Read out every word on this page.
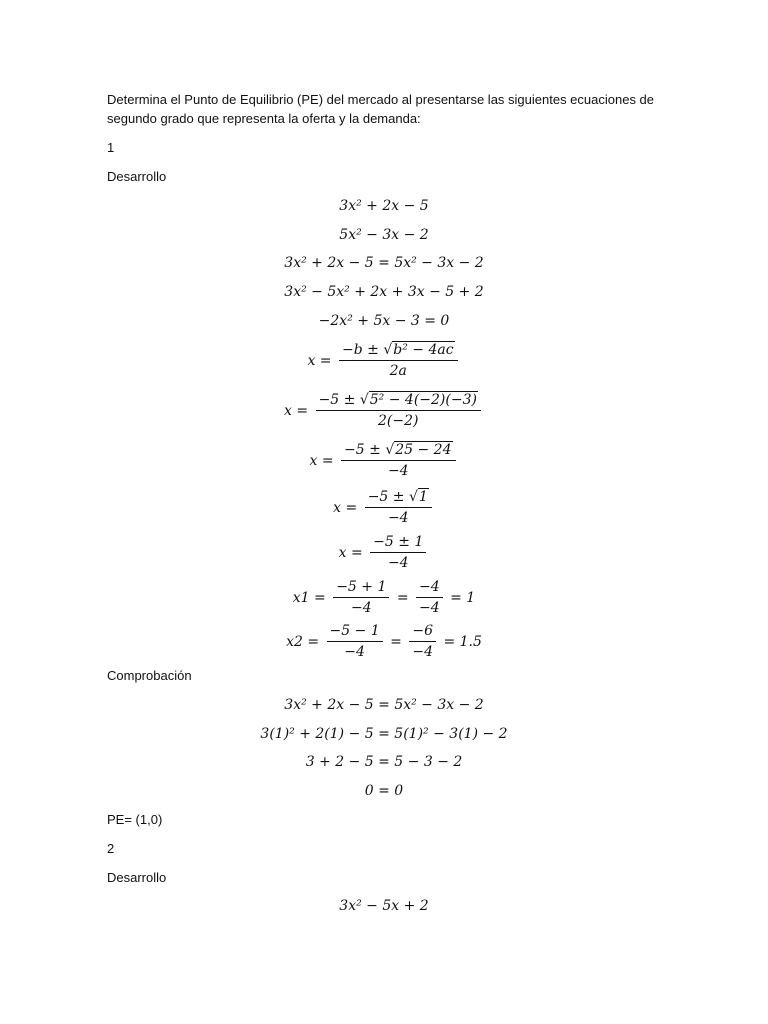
Determina el Punto de Equilibrio (PE) del mercado al presentarse las siguientes ecuaciones de
segundo grado que representa la oferta y la demanda:
1
Desarrollo
3x² + 2x − 5
5x² − 3x − 2
3x² + 2x − 5 = 5x² − 3x − 2
3x² − 5x² + 2x + 3x − 5 + 2
−2x² + 5x − 3 = 0
$x = \frac{\text{−b ± √b² − 4ac}}{2a}$
$x = \frac{\text{−5 ± √5² − 4(−2)(−3)}}{2(-2)}$
$x = \frac{-5 \pm √25 - 24}{-4}$
$x = \frac{-5 \pm √1}{-4}$
$x = \frac{-5 \pm 1}{-4}$
$x1 = \frac{-5 + 1}{-4} = \frac{-4}{-4} = 1$
$x2 = \frac{-5 - 1}{-4} = \frac{-6}{-4} = 1.5$
Comprobación
3x² + 2x − 5 = 5x² − 3x − 2
3(1)² + 2(1) − 5 = 5(1)² − 3(1) − 2
3 + 2 − 5 = 5 − 3 − 2
0 = 0
PE= (1,0)
2
Desarrollo
3x² − 5x + 2
